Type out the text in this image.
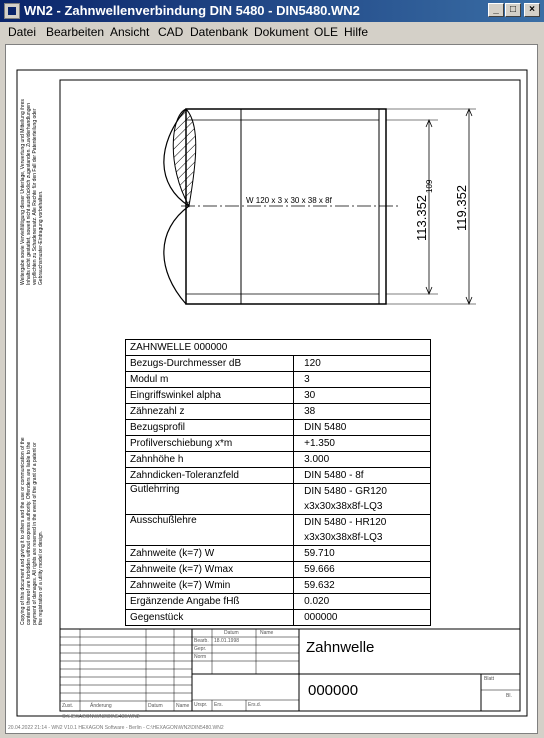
WN2 - Zahnwellenverbindung DIN 5480 - DIN5480.WN2	_	□	×
Datei Bearbeiten Ansicht CAD Datenbank Dokument OLE Hilfe
W 120 x 3 x 30 x 38 x 8f	113.352
109 119.352
Weitergabe sowie Vervielfältigung dieser Unterlage, Verwertung und Mitteilung ihres Inhalts nicht gestattet, soweit nicht ausdrücklich zugestanden. Zuwiderhandlungen verpflichten zu Schadenersatz. Alle Rechte für den Fall der Patenterteilung oder Gebrauchsmuster-Eintragung vorbehalten.
Copying of this document and giving it to others and the use or communication of the contents thereof are forbidden without express authority. Offenders are liable to the payment of damages. All rights are reserved in the event of the grant of a patent or the registration of a utility model or design.
ZAHNWELLE 000000	
Bezugs-Durchmesser dB	120
Modul m	3
Eingriffswinkel alpha	30
Zähnezahl z	38
Bezugsprofil	DIN 5480
Profilverschiebung x*m	+1.350
Zahnhöhe h	3.000
Zahndicken-Toleranzfeld	DIN 5480 - 8f
Gutlehrring	DIN 5480 - GR120
	x3x30x38x8f-LQ3
Ausschußlehre	DIN 5480 - HR120
	x3x30x38x8f-LQ3
Zahnweite (k=7) W	59.710
Zahnweite (k=7) Wmax	59.666
Zahnweite (k=7) Wmin	59.632
Ergänzende Angabe fHß	0.020
Gegenstück	000000
Datum	Name
Bearb. 18.01.1998
Gepr.
Norm
Zust.	Änderung	Datum	Name Urspr. Ers.	Ers.d.
Blatt
Bl.
Zahnwelle
000000
C:\HEXAGON\WN2\DIN5480.WN2
20.04.2022 21:14 - WN2 V10.1 HEXAGON Software - Berlin - C:\HEXAGON\WN2\DIN5480.WN2
